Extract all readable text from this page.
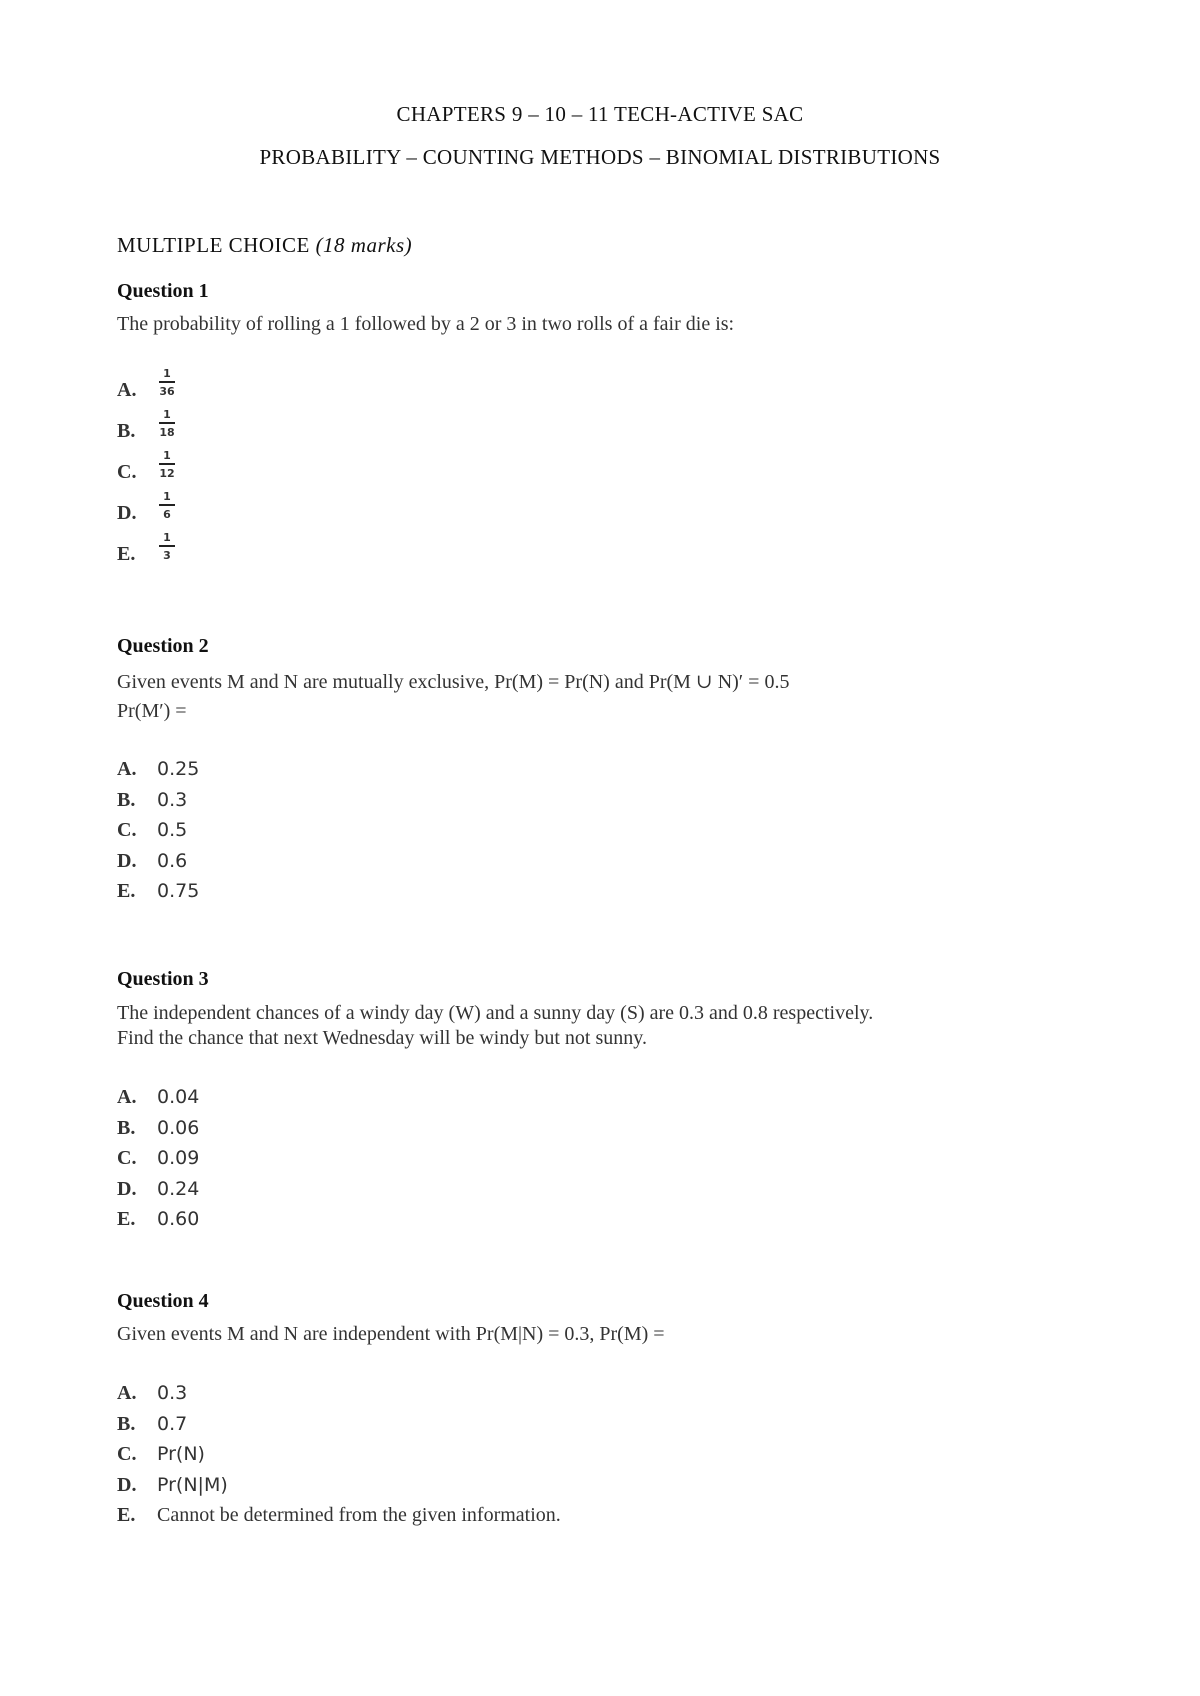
CHAPTERS 9 – 10 – 11 TECH-ACTIVE SAC
PROBABILITY – COUNTING METHODS – BINOMIAL DISTRIBUTIONS
MULTIPLE CHOICE (18 marks)
Question 1
The probability of rolling a 1 followed by a 2 or 3 in two rolls of a fair die is:
A.
1
36
B.
1
18
C.
1
12
D.
1
6
E.
1
3
Question 2
Given events M and N are mutually exclusive, Pr(M) = Pr(N) and Pr(M ∪ N)′ = 0.5
Pr(M′) =
A. 0.25
B. 0.3
C. 0.5
D. 0.6
E. 0.75
Question 3
The independent chances of a windy day (W) and a sunny day (S) are 0.3 and 0.8 respectively.
Find the chance that next Wednesday will be windy but not sunny.
A. 0.04
B. 0.06
C. 0.09
D. 0.24
E. 0.60
Question 4
Given events M and N are independent with Pr(M|N) = 0.3, Pr(M) =
A. 0.3
B. 0.7
C. Pr(N)
D. Pr(N|M)
E. Cannot be determined from the given information.
